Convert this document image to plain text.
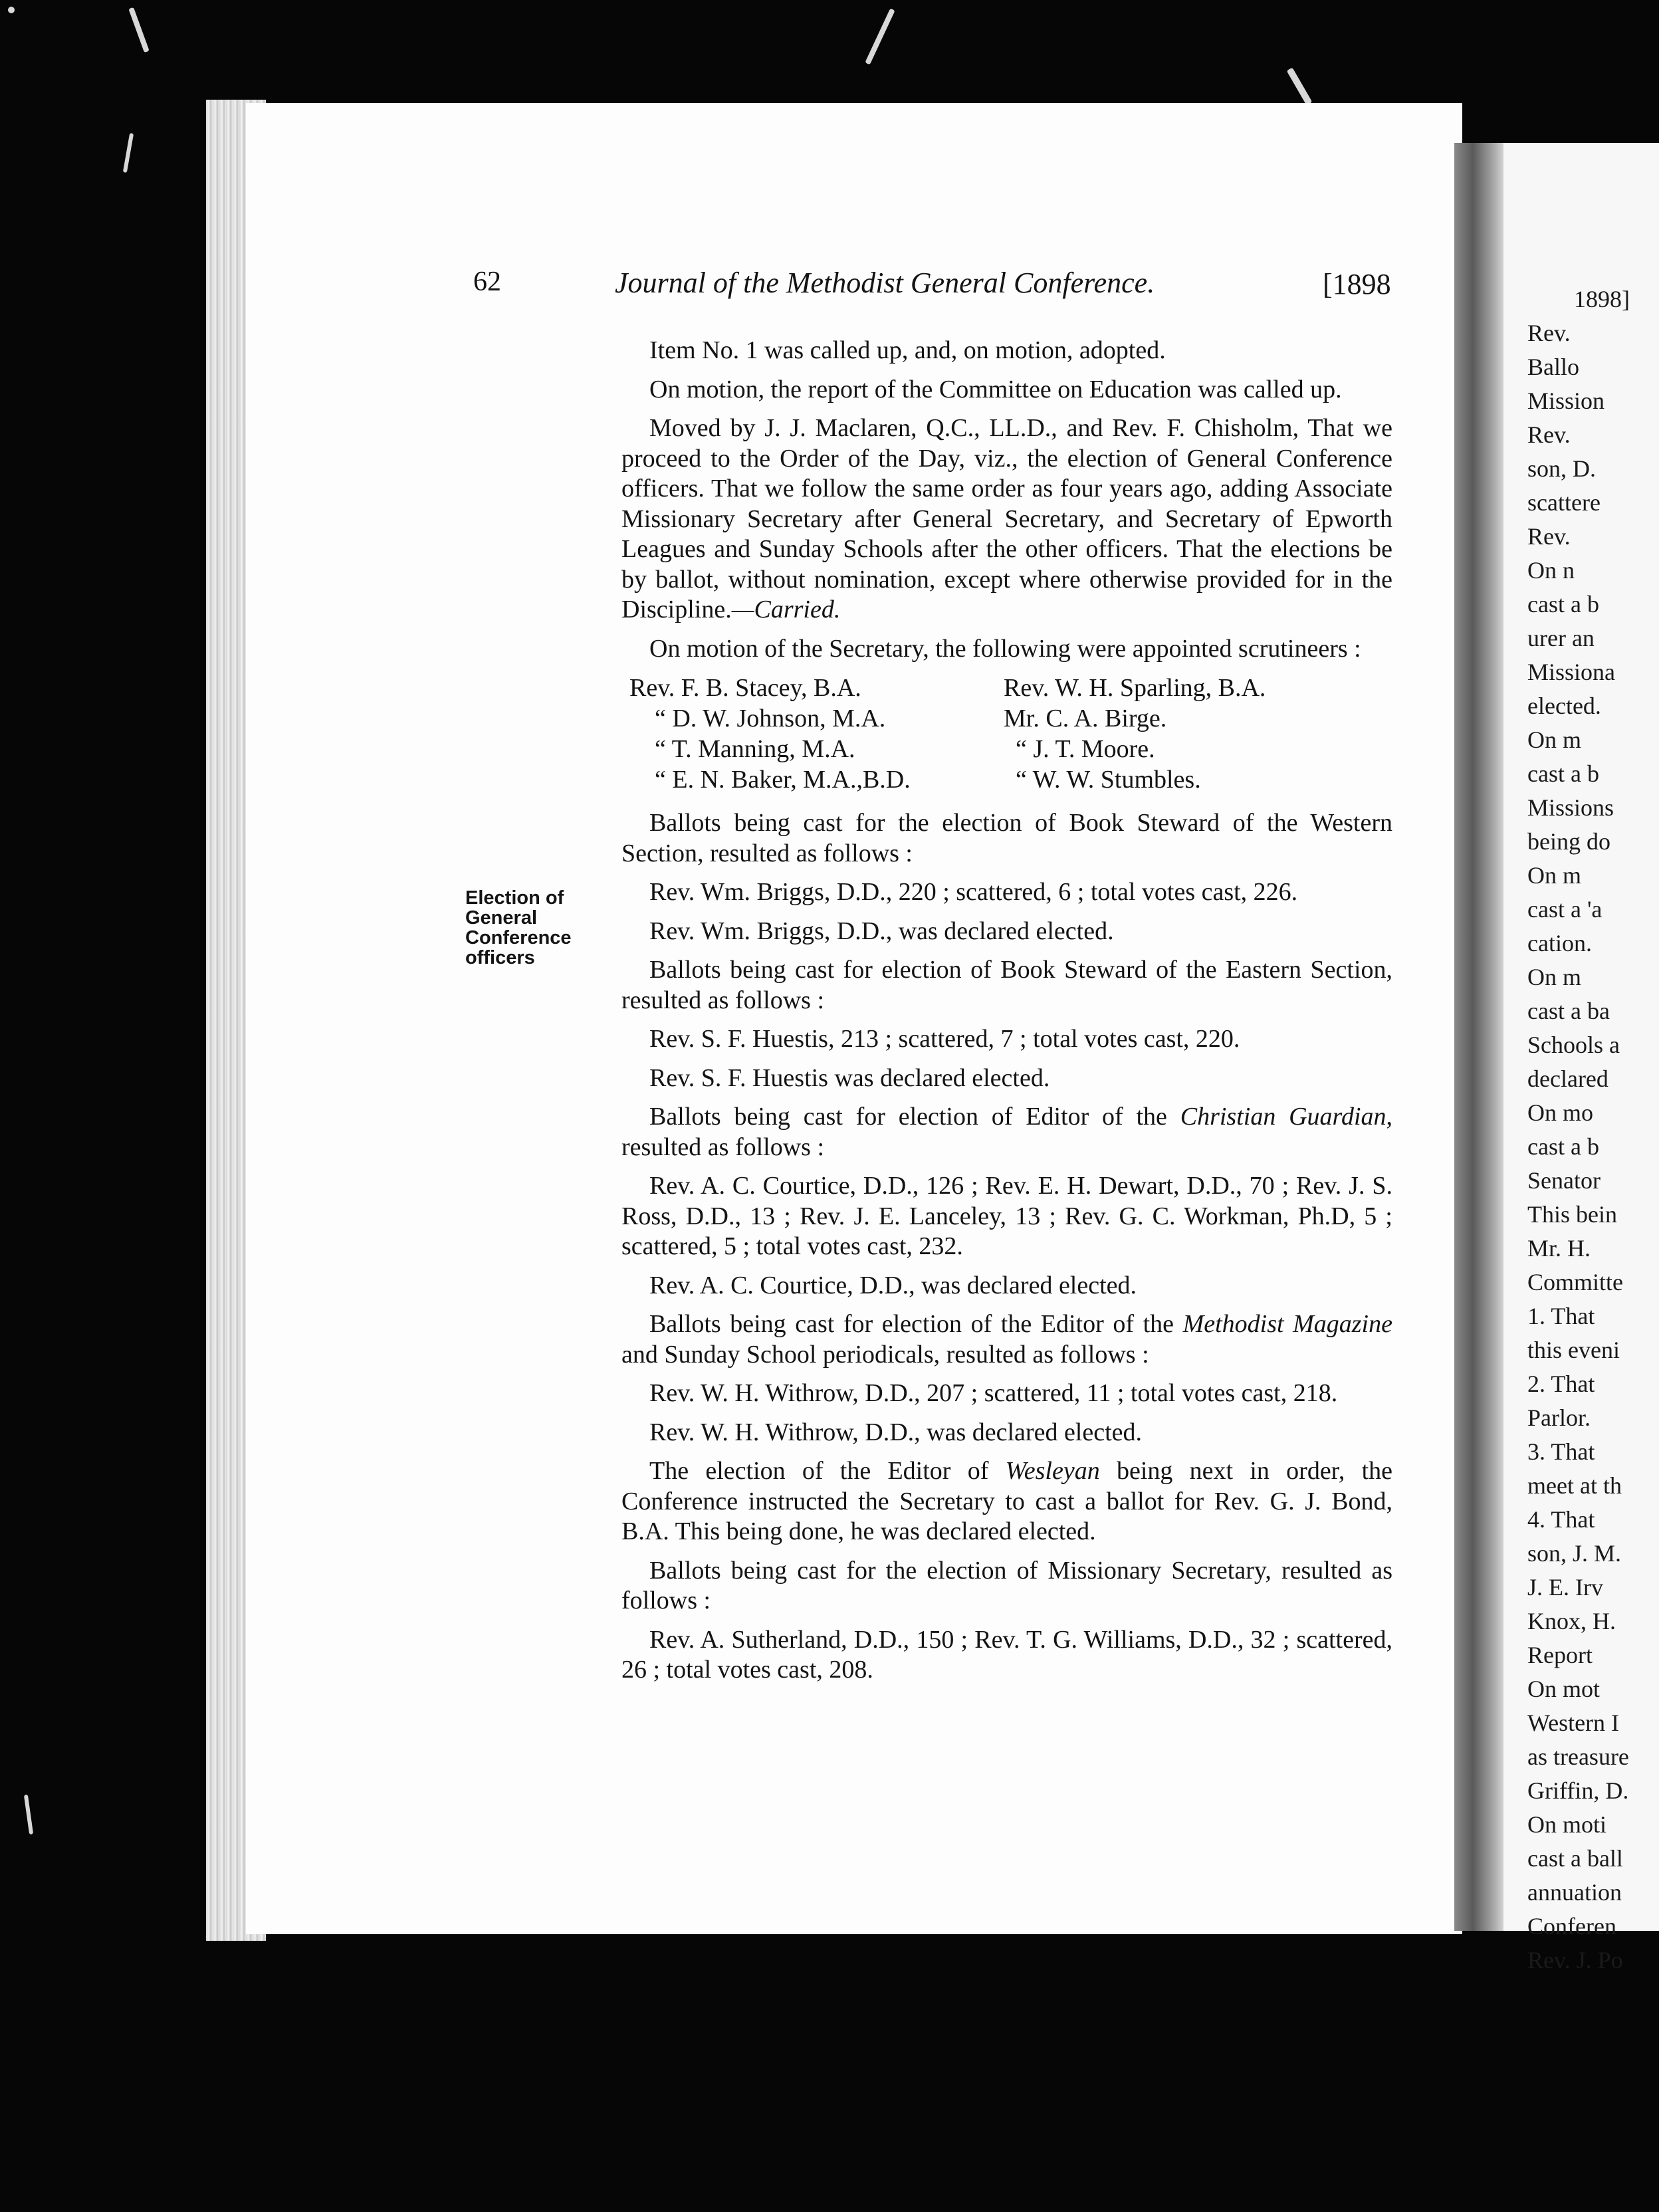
1898]
Rev.
Ballo
Mission
Rev.
son, D.
scattere
Rev.
On n
cast a b
urer an
Missiona
elected.
On m
cast a b
Missions
being do
On m
cast a 'a
cation.
On m
cast a ba
Schools a
declared
On mo
cast a b
Senator
This bein
Mr. H.
Committe
1. That
this eveni
2. That
Parlor.
3. That
meet at th
4. That
son, J. M.
J. E. Irv
Knox, H.
Report
On mot
Western I
as treasure
Griffin, D.
On moti
cast a ball
annuation
Conferen
Rev. J. Po
62	Journal of the Methodist General Conference.	[1898
Election of
General
Conference
officers

Item No. 1 was called up, and, on motion, adopted.

On motion, the report of the Committee on Education was called up.

Moved by J. J. Maclaren, Q.C., LL.D., and Rev. F. Chisholm, That we proceed to the Order of the Day, viz., the election of General Conference officers. That we follow the same order as four years ago, adding Associate Missionary Secretary after General Secretary, and Secretary of Epworth Leagues and Sunday Schools after the other officers. That the elections be by ballot, without nomination, except where otherwise provided for in the Discipline.—Carried.

On motion of the Secretary, the following were appointed scrutineers :

Rev. F. B. Stacey, B.A.
“ D. W. Johnson, M.A.
“ T. Manning, M.A.
“ E. N. Baker, M.A.,B.D.
Rev. W. H. Sparling, B.A.
Mr. C. A. Birge.
“ J. T. Moore.
“ W. W. Stumbles.

Ballots being cast for the election of Book Steward of the Western Section, resulted as follows :

Rev. Wm. Briggs, D.D., 220 ; scattered, 6 ; total votes cast, 226.

Rev. Wm. Briggs, D.D., was declared elected.

Ballots being cast for election of Book Steward of the Eastern Section, resulted as follows :

Rev. S. F. Huestis, 213 ; scattered, 7 ; total votes cast, 220.

Rev. S. F. Huestis was declared elected.

Ballots being cast for election of Editor of the Christian Guardian, resulted as follows :

Rev. A. C. Courtice, D.D., 126 ; Rev. E. H. Dewart, D.D., 70 ; Rev. J. S. Ross, D.D., 13 ; Rev. J. E. Lanceley, 13 ; Rev. G. C. Workman, Ph.D, 5 ; scattered, 5 ; total votes cast, 232.

Rev. A. C. Courtice, D.D., was declared elected.

Ballots being cast for election of the Editor of the Methodist Magazine and Sunday School periodicals, resulted as follows :

Rev. W. H. Withrow, D.D., 207 ; scattered, 11 ; total votes cast, 218.

Rev. W. H. Withrow, D.D., was declared elected.

The election of the Editor of Wesleyan being next in order, the Conference instructed the Secretary to cast a ballot for Rev. G. J. Bond, B.A. This being done, he was declared elected.

Ballots being cast for the election of Missionary Secretary, resulted as follows :

Rev. A. Sutherland, D.D., 150 ; Rev. T. G. Williams, D.D., 32 ; scattered, 26 ; total votes cast, 208.
